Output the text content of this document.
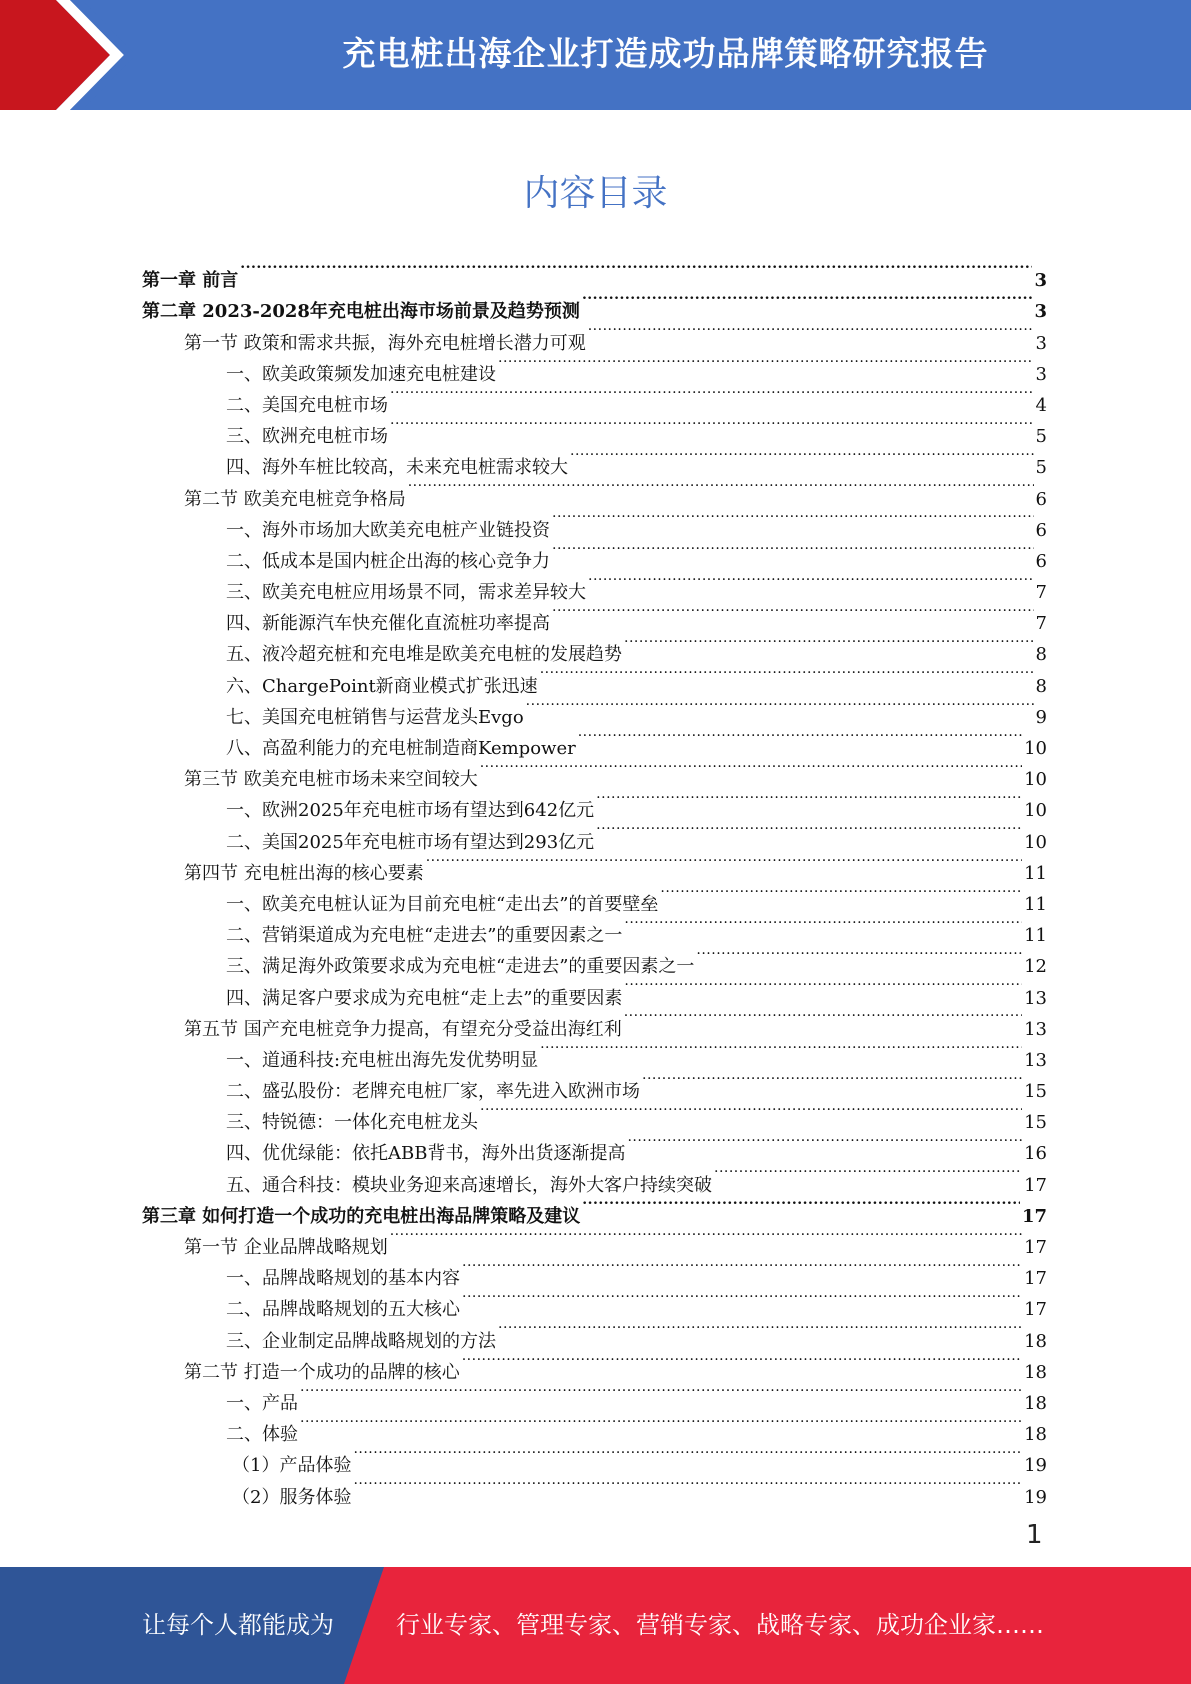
充电桩出海企业打造成功品牌策略研究报告
内容目录
第一章 前言 .....	3
第二章 2023-2028年充电桩出海市场前景及趋势预测 .....	3
第一节 政策和需求共振，海外充电桩增长潜力可观 .....	3
一、欧美政策频发加速充电桩建设 .....	3
二、美国充电桩市场 .....	4
三、欧洲充电桩市场 .....	5
四、海外车桩比较高，未来充电桩需求较大 .....	5
第二节 欧美充电桩竞争格局 .....	6
一、海外市场加大欧美充电桩产业链投资 .....	6
二、低成本是国内桩企出海的核心竞争力 .....	6
三、欧美充电桩应用场景不同，需求差异较大 .....	7
四、新能源汽车快充催化直流桩功率提高 .....	7
五、液冷超充桩和充电堆是欧美充电桩的发展趋势 .....	8
六、ChargePoint新商业模式扩张迅速 .....	8
七、美国充电桩销售与运营龙头Evgo .....	9
八、高盈利能力的充电桩制造商Kempower .....	10
第三节 欧美充电桩市场未来空间较大 .....	10
一、欧洲2025年充电桩市场有望达到642亿元 .....	10
二、美国2025年充电桩市场有望达到293亿元 .....	10
第四节 充电桩出海的核心要素 .....	11
一、欧美充电桩认证为目前充电桩“走出去”的首要壁垒 .....	11
二、营销渠道成为充电桩“走进去”的重要因素之一 .....	11
三、满足海外政策要求成为充电桩“走进去”的重要因素之一 .....	12
四、满足客户要求成为充电桩“走上去”的重要因素 .....	13
第五节 国产充电桩竞争力提高，有望充分受益出海红利 .....	13
一、道通科技:充电桩出海先发优势明显 .....	13
二、盛弘股份：老牌充电桩厂家，率先进入欧洲市场 .....	15
三、特锐德：一体化充电桩龙头 .....	15
四、优优绿能：依托ABB背书，海外出货逐渐提高 .....	16
五、通合科技：模块业务迎来高速增长，海外大客户持续突破 .....	17
第三章 如何打造一个成功的充电桩出海品牌策略及建议 .....	17
第一节 企业品牌战略规划 .....	17
一、品牌战略规划的基本内容 .....	17
二、品牌战略规划的五大核心 .....	17
三、企业制定品牌战略规划的方法 .....	18
第二节 打造一个成功的品牌的核心 .....	18
一、产品 .....	18
二、体验 .....	18
（1）产品体验 .....	19
（2）服务体验 .....	19
1
让每个人都能成为	行业专家、管理专家、营销专家、战略专家、成功企业家……
